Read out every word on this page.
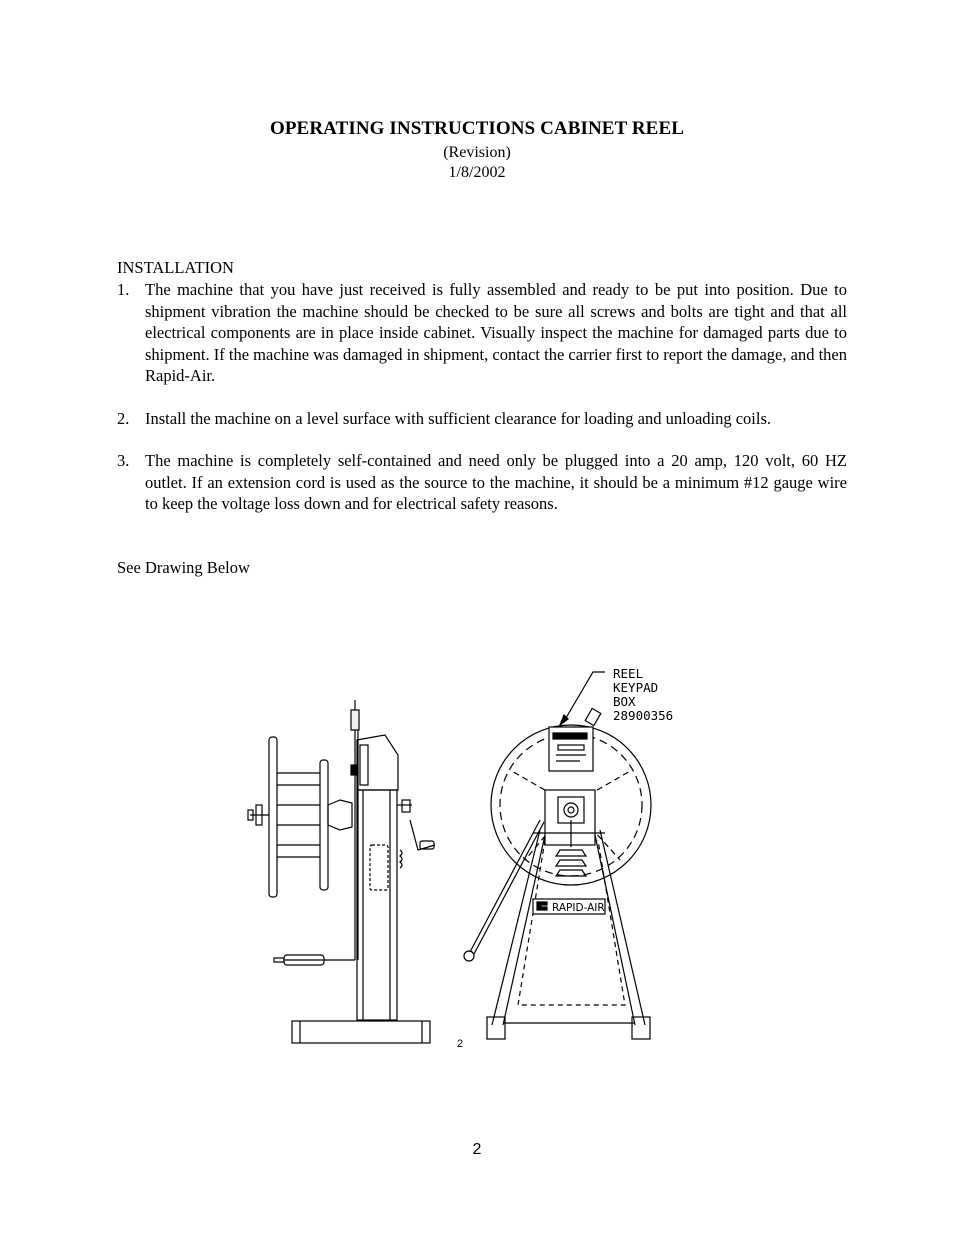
OPERATING INSTRUCTIONS CABINET REEL
(Revision)
1/8/2002
INSTALLATION
1. The machine that you have just received is fully assembled and ready to be put into position. Due to shipment vibration the machine should be checked to be sure all screws and bolts are tight and that all electrical components are in place inside cabinet. Visually inspect the machine for damaged parts due to shipment. If the machine was damaged in shipment, contact the carrier first to report the damage, and then Rapid-Air.
2. Install the machine on a level surface with sufficient clearance for loading and unloading coils.
3. The machine is completely self-contained and need only be plugged into a 20 amp, 120 volt, 60 HZ outlet. If an extension cord is used as the source to the machine, it should be a minimum #12 gauge wire to keep the voltage loss down and for electrical safety reasons.
See Drawing Below
RAPID-AIR
REEL
KEYPAD
BOX
28900356
2
2
